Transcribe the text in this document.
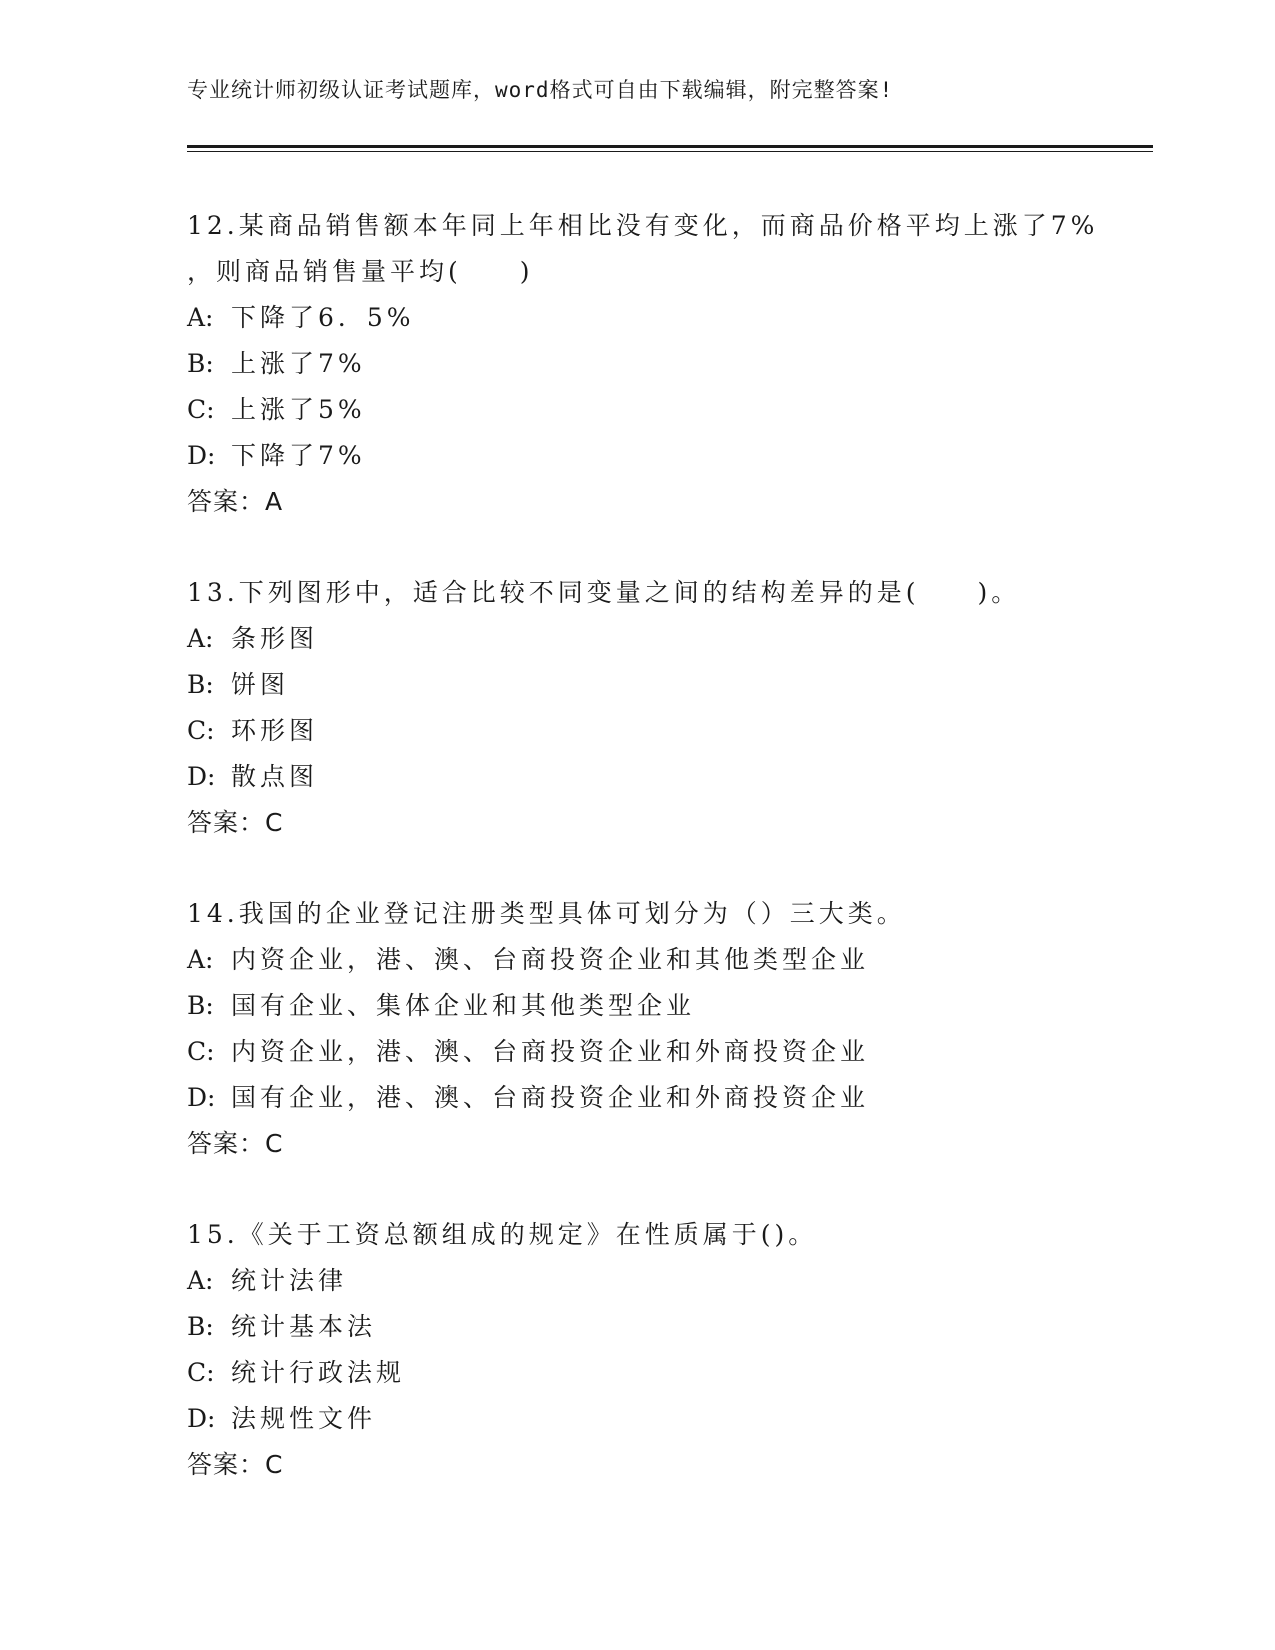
专业统计师初级认证考试题库，word格式可自由下载编辑，附完整答案!
12.某商品销售额本年同上年相比没有变化，而商品价格平均上涨了7%
，则商品销售量平均(　　)
A: 下降了6．5%
B: 上涨了7%
C: 上涨了5%
D: 下降了7%
答案：A
13.下列图形中，适合比较不同变量之间的结构差异的是(　　)。
A: 条形图
B: 饼图
C: 环形图
D: 散点图
答案：C
14.我国的企业登记注册类型具体可划分为（）三大类。
A: 内资企业，港、澳、台商投资企业和其他类型企业
B: 国有企业、集体企业和其他类型企业
C: 内资企业，港、澳、台商投资企业和外商投资企业
D: 国有企业，港、澳、台商投资企业和外商投资企业
答案：C
15.《关于工资总额组成的规定》在性质属于()。
A: 统计法律
B: 统计基本法
C: 统计行政法规
D: 法规性文件
答案：C
